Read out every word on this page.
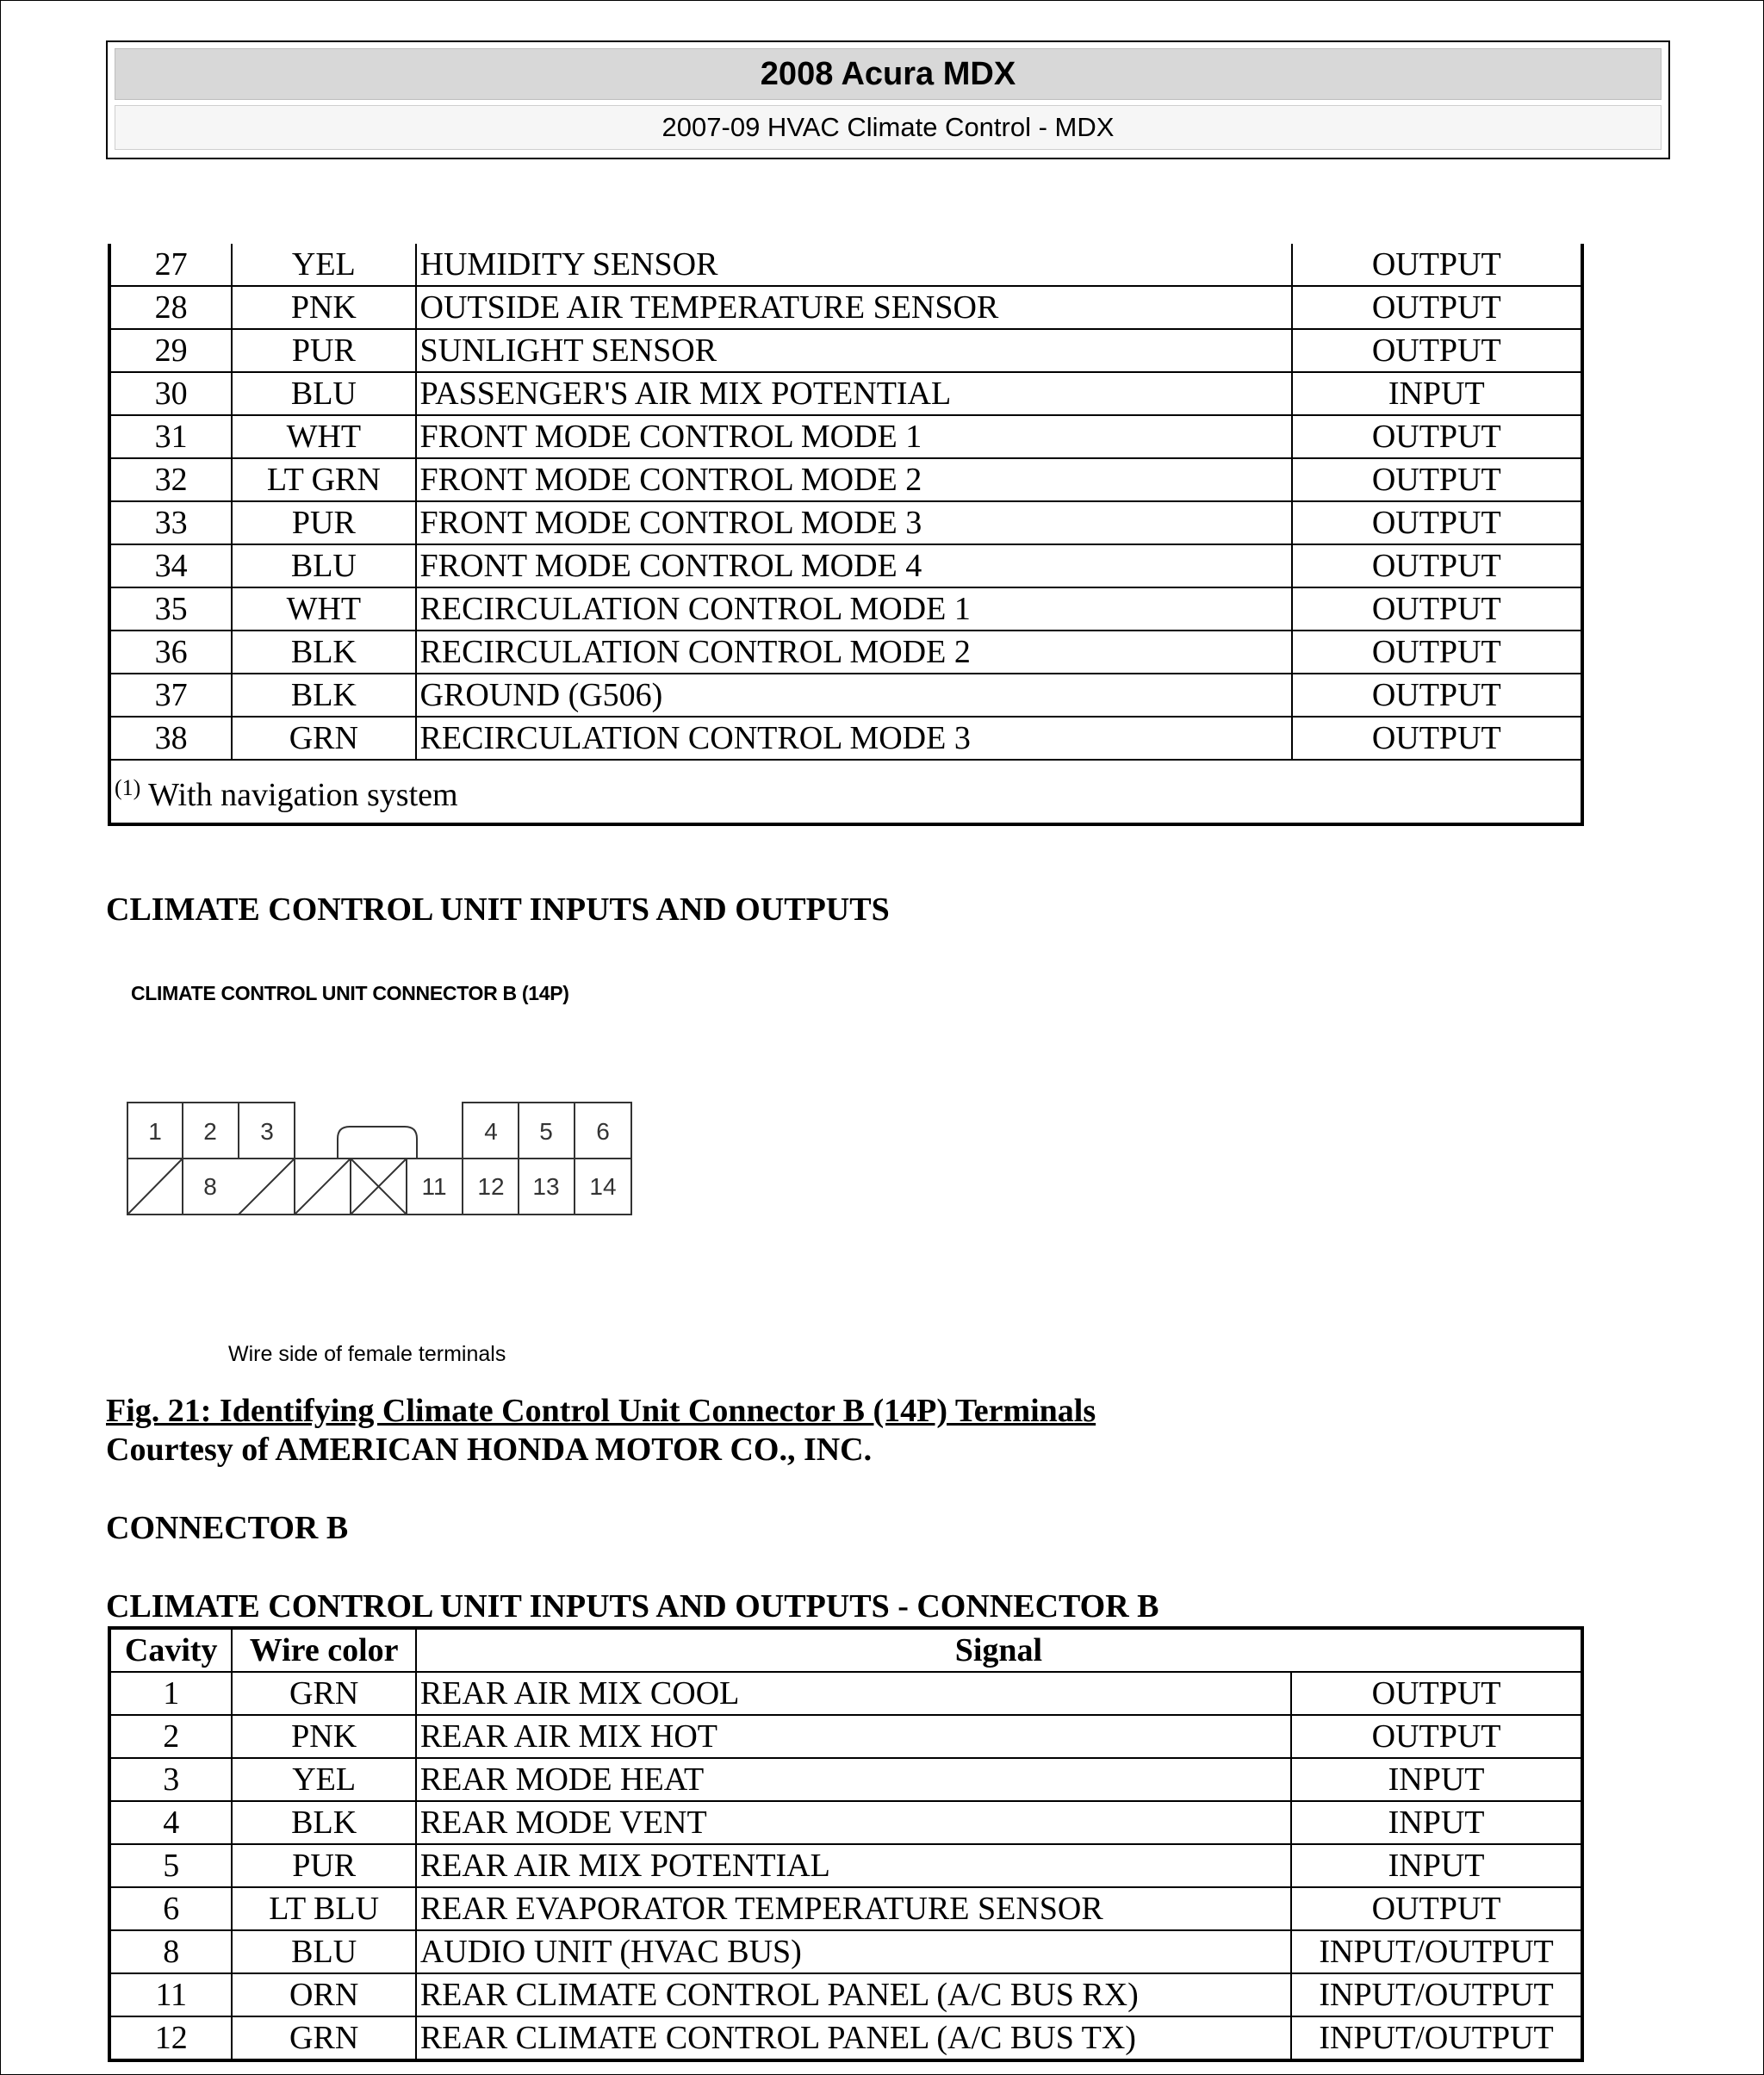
2008 Acura MDX
2007-09 HVAC Climate Control - MDX
27	YEL	HUMIDITY SENSOR	OUTPUT
28	PNK	OUTSIDE AIR TEMPERATURE SENSOR	OUTPUT
29	PUR	SUNLIGHT SENSOR	OUTPUT
30	BLU	PASSENGER'S AIR MIX POTENTIAL	INPUT
31	WHT	FRONT MODE CONTROL MODE 1	OUTPUT
32	LT GRN	FRONT MODE CONTROL MODE 2	OUTPUT
33	PUR	FRONT MODE CONTROL MODE 3	OUTPUT
34	BLU	FRONT MODE CONTROL MODE 4	OUTPUT
35	WHT	RECIRCULATION CONTROL MODE 1	OUTPUT
36	BLK	RECIRCULATION CONTROL MODE 2	OUTPUT
37	BLK	GROUND (G506)	OUTPUT
38	GRN	RECIRCULATION CONTROL MODE 3	OUTPUT
$^{(1)}$ With navigation system			
CLIMATE CONTROL UNIT INPUTS AND OUTPUTS
CLIMATE CONTROL UNIT CONNECTOR B (14P)
1 2 3	4 5 6
8	11 12 13 14
Wire side of female terminals
Fig. 21: Identifying Climate Control Unit Connector B (14P) Terminals
Courtesy of AMERICAN HONDA MOTOR CO., INC.
CONNECTOR B
CLIMATE CONTROL UNIT INPUTS AND OUTPUTS - CONNECTOR B
Cavity	Wire color	Signal	
1	GRN	REAR AIR MIX COOL	OUTPUT
2	PNK	REAR AIR MIX HOT	OUTPUT
3	YEL	REAR MODE HEAT	INPUT
4	BLK	REAR MODE VENT	INPUT
5	PUR	REAR AIR MIX POTENTIAL	INPUT
6	LT BLU	REAR EVAPORATOR TEMPERATURE SENSOR	OUTPUT
8	BLU	AUDIO UNIT (HVAC BUS)	INPUT/OUTPUT
11	ORN	REAR CLIMATE CONTROL PANEL (A/C BUS RX)	INPUT/OUTPUT
12	GRN	REAR CLIMATE CONTROL PANEL (A/C BUS TX)	INPUT/OUTPUT
